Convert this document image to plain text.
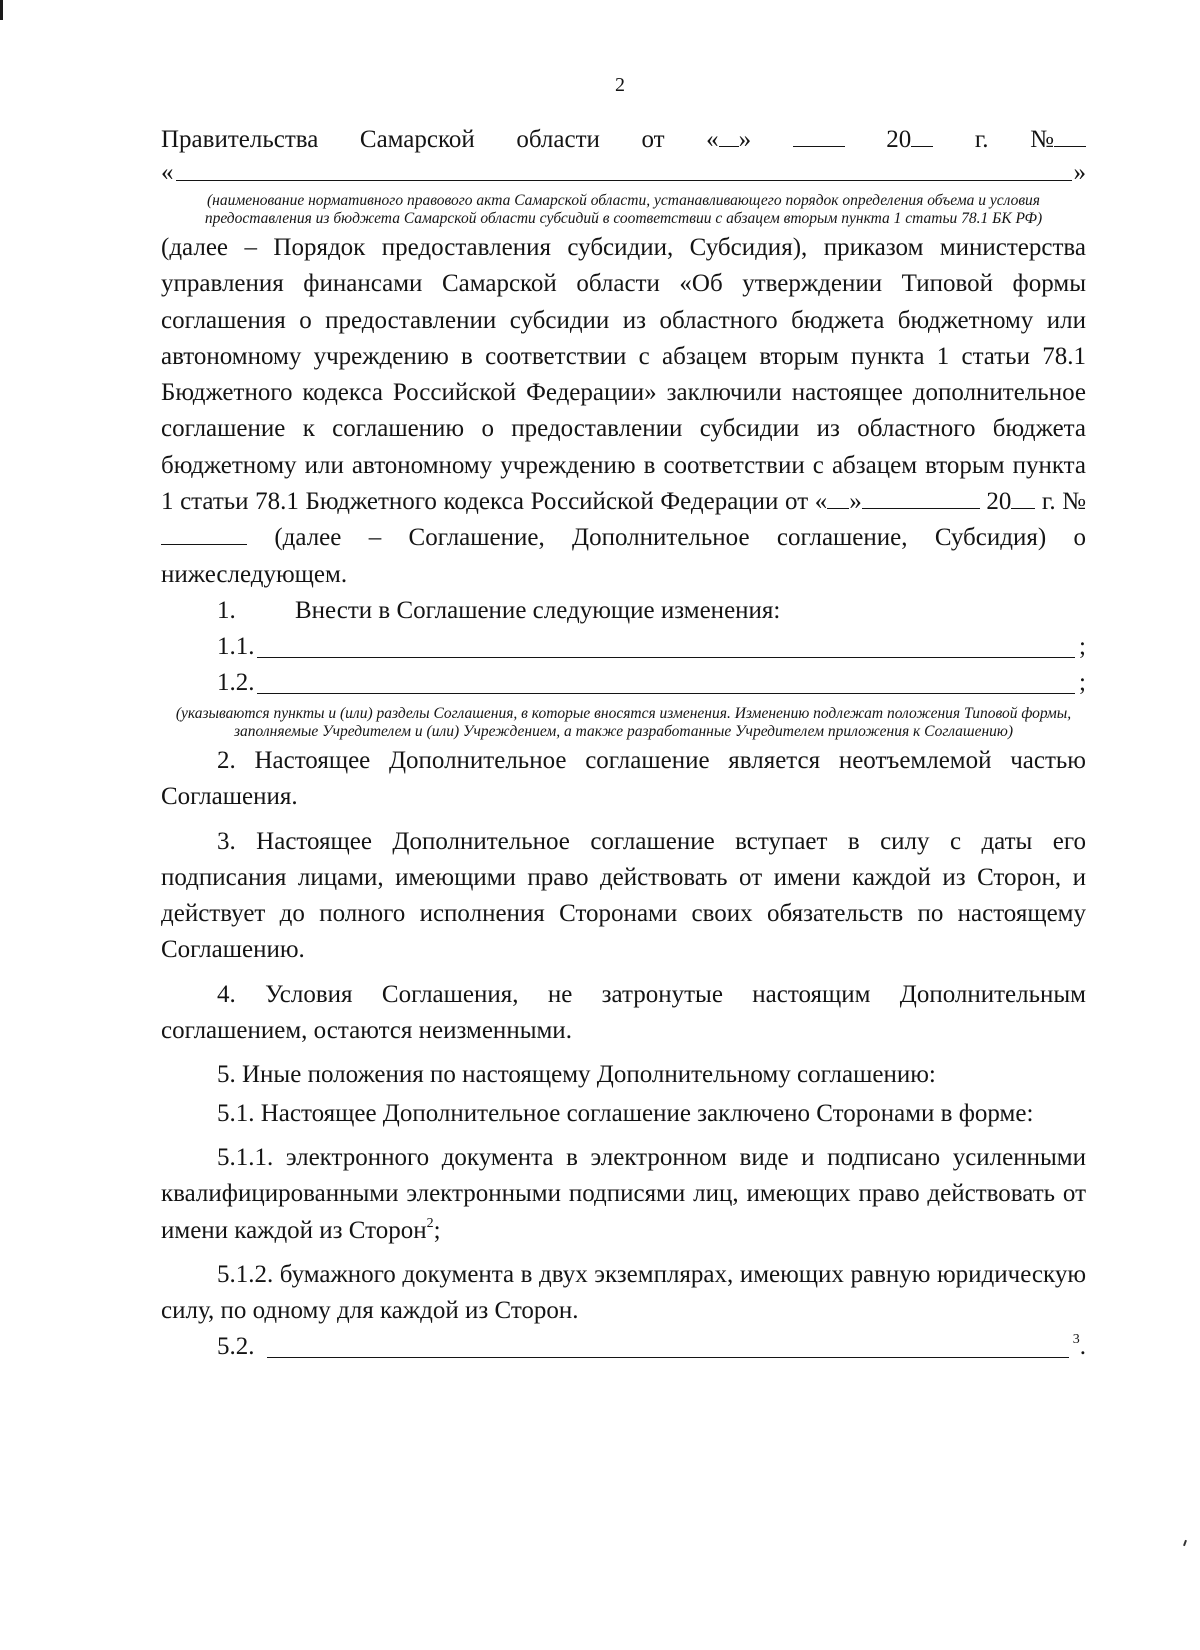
2
Правительства Самарской области от « »	20	г. №
«	»
(наименование нормативного правового акта Самарской области, устанавливающего порядок определения объема и условия предоставления из бюджета Самарской области субсидий в соответствии с абзацем вторым пункта 1 статьи 78.1 БК РФ)

(далее – Порядок предоставления субсидии, Субсидия), приказом министерства управления финансами Самарской области «Об утверждении Типовой формы соглашения о предоставлении субсидии из областного бюджета бюджетному или автономному учреждению в соответствии с абзацем вторым пункта 1 статьи 78.1 Бюджетного кодекса Российской Федерации» заключили настоящее дополнительное соглашение к соглашению о предоставлении субсидии из областного бюджета бюджетному или автономному учреждению в соответствии с абзацем вторым пункта 1 статьи 78.1 Бюджетного кодекса Российской Федерации от « »	20 г. №  (далее – Соглашение, Дополнительное соглашение, Субсидия) о нижеследующем.

1.	Внести в Соглашение следующие изменения:
1.1.	;
1.2.	;
(указываются пункты и (или) разделы Соглашения, в которые вносятся изменения. Изменению подлежат положения Типовой формы, заполняемые Учредителем и (или) Учреждением, а также разработанные Учредителем приложения к Соглашению)

2. Настоящее Дополнительное соглашение является неотъемлемой частью Соглашения.

3. Настоящее Дополнительное соглашение вступает в силу с даты его подписания лицами, имеющими право действовать от имени каждой из Сторон, и действует до полного исполнения Сторонами своих обязательств по настоящему Соглашению.

4. Условия Соглашения, не затронутые настоящим Дополнительным соглашением, остаются неизменными.

5. Иные положения по настоящему Дополнительному соглашению:

5.1. Настоящее Дополнительное соглашение заключено Сторонами в форме:

5.1.1. электронного документа в электронном виде и подписано усиленными квалифицированными электронными подписями лиц, имеющих право действовать от имени каждой из Сторон$^2$;

5.1.2. бумажного документа в двух экземплярах, имеющих равную юридическую силу, по одному для каждой из Сторон.

5.2.	$^3$.
